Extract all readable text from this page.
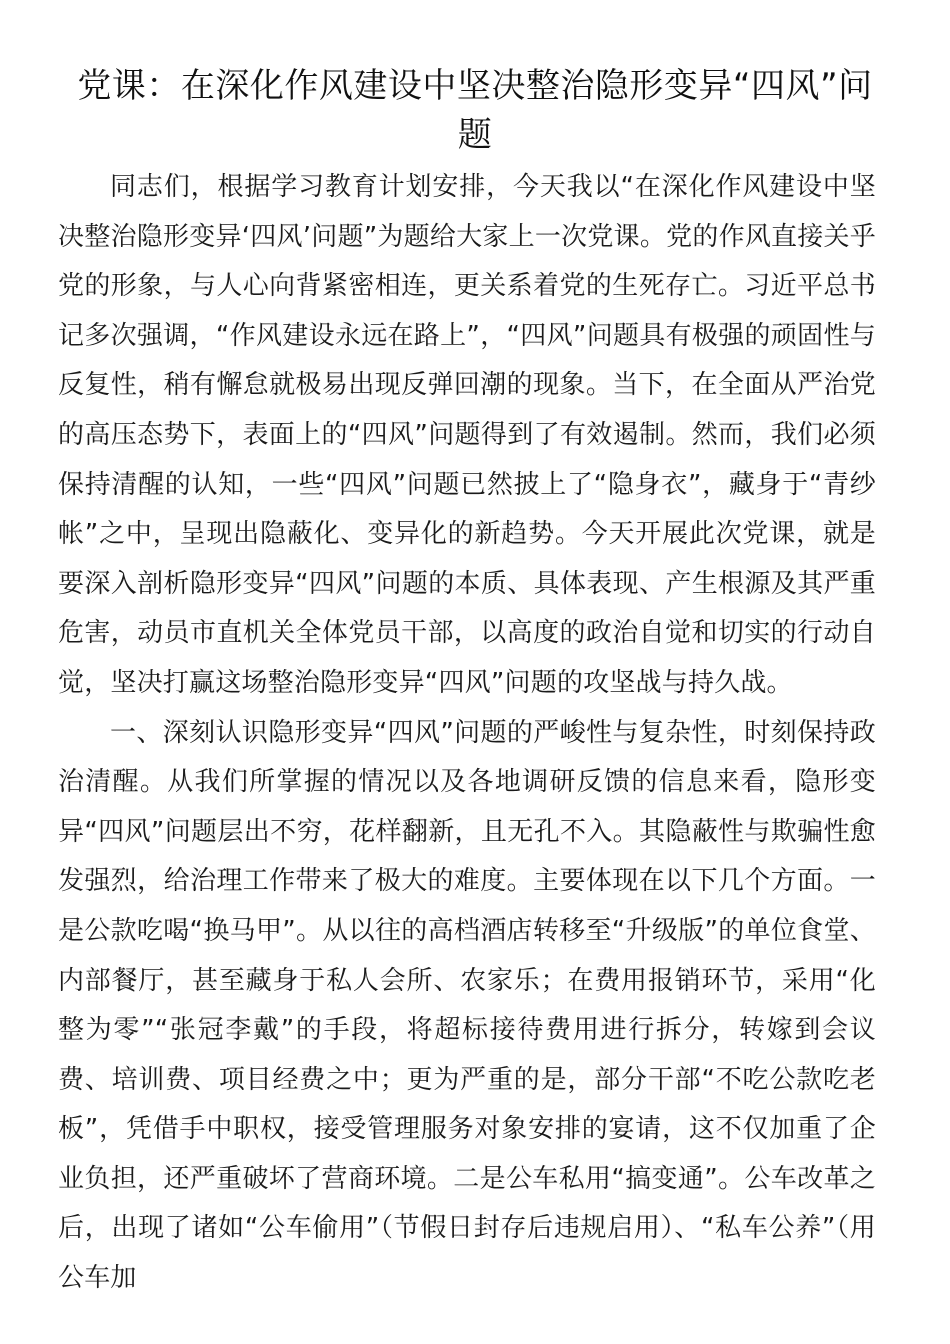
党课：在深化作风建设中坚决整治隐形变异“四风”问题

同志们，根据学习教育计划安排，今天我以“在深化作风建设中坚决整治隐形变异‘四风’问题”为题给大家上一次党课。党的作风直接关乎党的形象，与人心向背紧密相连，更关系着党的生死存亡。习近平总书记多次强调，“作风建设永远在路上”，“四风”问题具有极强的顽固性与反复性，稍有懈怠就极易出现反弹回潮的现象。当下，在全面从严治党的高压态势下，表面上的“四风”问题得到了有效遏制。然而，我们必须保持清醒的认知，一些“四风”问题已然披上了“隐身衣”，藏身于“青纱帐”之中，呈现出隐蔽化、变异化的新趋势。今天开展此次党课，就是要深入剖析隐形变异“四风”问题的本质、具体表现、产生根源及其严重危害，动员市直机关全体党员干部，以高度的政治自觉和切实的行动自觉，坚决打赢这场整治隐形变异“四风”问题的攻坚战与持久战。

一、深刻认识隐形变异“四风”问题的严峻性与复杂性，时刻保持政治清醒。从我们所掌握的情况以及各地调研反馈的信息来看，隐形变异“四风”问题层出不穷，花样翻新，且无孔不入。其隐蔽性与欺骗性愈发强烈，给治理工作带来了极大的难度。主要体现在以下几个方面。一是公款吃喝“换马甲”。从以往的高档酒店转移至“升级版”的单位食堂、内部餐厅，甚至藏身于私人会所、农家乐；在费用报销环节，采用“化整为零”“张冠李戴”的手段，将超标接待费用进行拆分，转嫁到会议费、培训费、项目经费之中；更为严重的是，部分干部“不吃公款吃老板”，凭借手中职权，接受管理服务对象安排的宴请，这不仅加重了企业负担，还严重破坏了营商环境。二是公车私用“搞变通”。公车改革之后，出现了诸如“公车偷用”（节假日封存后违规启用）、“私车公养”（用公车加
